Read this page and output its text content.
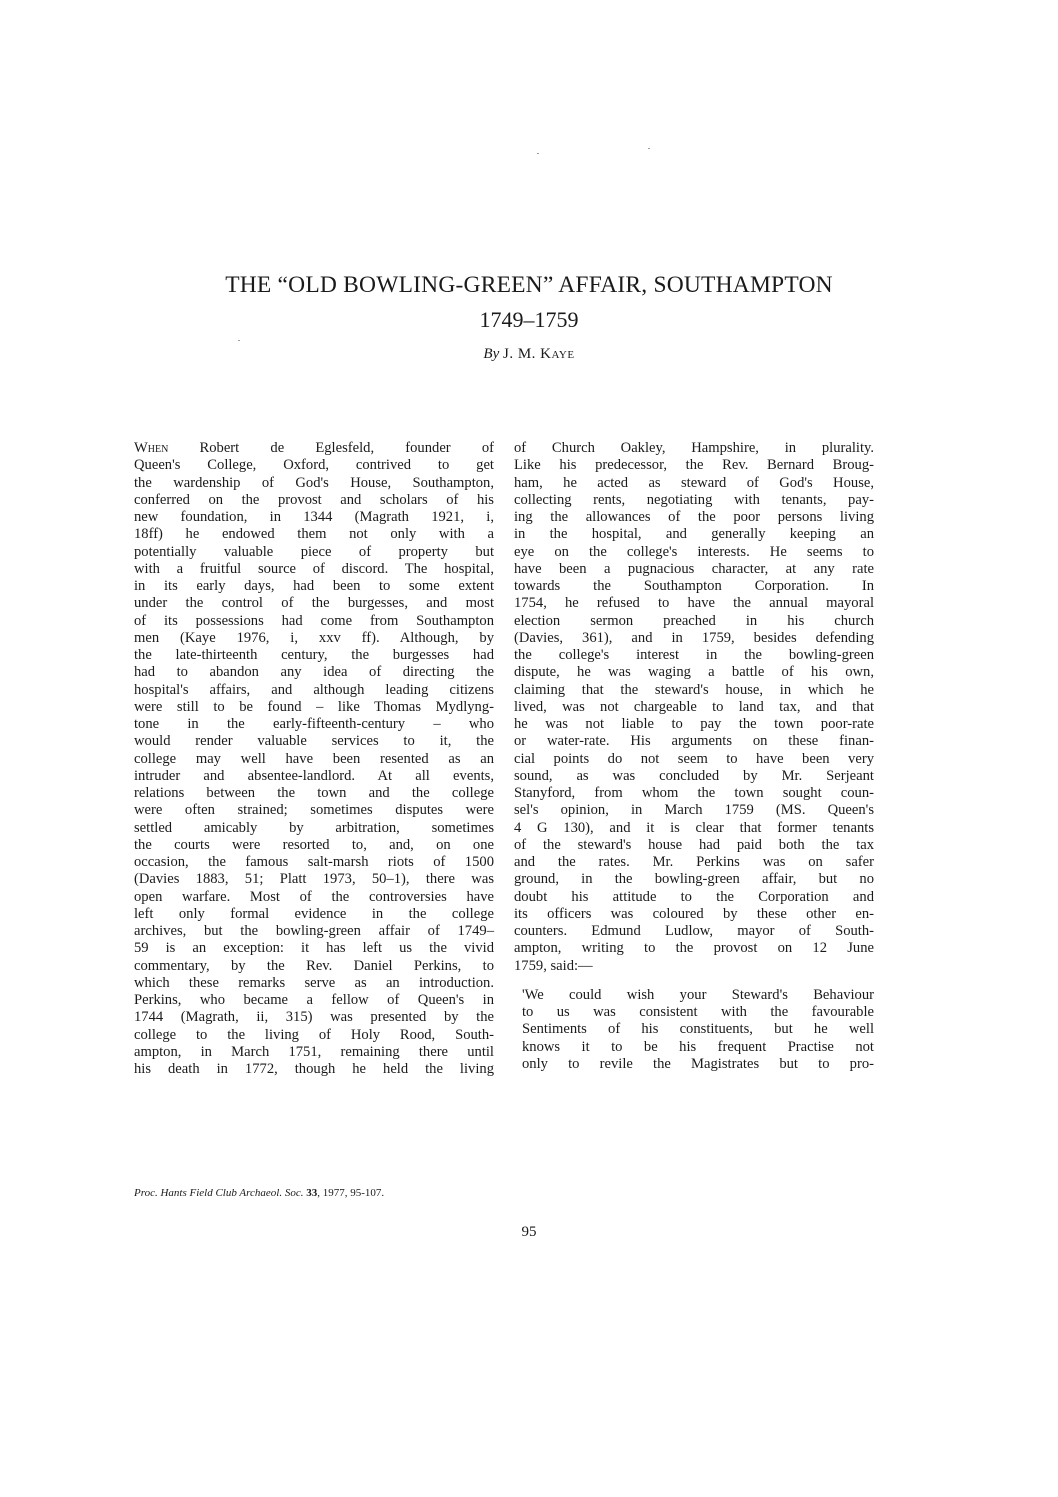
THE “OLD BOWLING-GREEN” AFFAIR, SOUTHAMPTON
1749–1759
By J. M. Kaye
When Robert de Eglesfeld, founder of
Queen's College, Oxford, contrived to get
the wardenship of God's House, Southampton,
conferred on the provost and scholars of his
new foundation, in 1344 (Magrath 1921, i,
18ff) he endowed them not only with a
potentially valuable piece of property but
with a fruitful source of discord. The hospital,
in its early days, had been to some extent
under the control of the burgesses, and most
of its possessions had come from Southampton
men (Kaye 1976, i, xxv ff). Although, by
the late-thirteenth century, the burgesses had
had to abandon any idea of directing the
hospital's affairs, and although leading citizens
were still to be found – like Thomas Mydlyng-
tone in the early-fifteenth-century – who
would render valuable services to it, the
college may well have been resented as an
intruder and absentee-landlord. At all events,
relations between the town and the college
were often strained; sometimes disputes were
settled amicably by arbitration, sometimes
the courts were resorted to, and, on one
occasion, the famous salt-marsh riots of 1500
(Davies 1883, 51; Platt 1973, 50–1), there was
open warfare. Most of the controversies have
left only formal evidence in the college
archives, but the bowling-green affair of 1749–
59 is an exception: it has left us the vivid
commentary, by the Rev. Daniel Perkins, to
which these remarks serve as an introduction.
Perkins, who became a fellow of Queen's in
1744 (Magrath, ii, 315) was presented by the
college to the living of Holy Rood, South-
ampton, in March 1751, remaining there until
his death in 1772, though he held the living
of Church Oakley, Hampshire, in plurality.
Like his predecessor, the Rev. Bernard Broug-
ham, he acted as steward of God's House,
collecting rents, negotiating with tenants, pay-
ing the allowances of the poor persons living
in the hospital, and generally keeping an
eye on the college's interests. He seems to
have been a pugnacious character, at any rate
towards the Southampton Corporation. In
1754, he refused to have the annual mayoral
election sermon preached in his church
(Davies, 361), and in 1759, besides defending
the college's interest in the bowling-green
dispute, he was waging a battle of his own,
claiming that the steward's house, in which he
lived, was not chargeable to land tax, and that
he was not liable to pay the town poor-rate
or water-rate. His arguments on these finan-
cial points do not seem to have been very
sound, as was concluded by Mr. Serjeant
Stanyford, from whom the town sought coun-
sel's opinion, in March 1759 (MS. Queen's
4 G 130), and it is clear that former tenants
of the steward's house had paid both the tax
and the rates. Mr. Perkins was on safer
ground, in the bowling-green affair, but no
doubt his attitude to the Corporation and
its officers was coloured by these other en-
counters. Edmund Ludlow, mayor of South-
ampton, writing to the provost on 12 June
1759, said:—
'We could wish your Steward's Behaviour
to us was consistent with the favourable
Sentiments of his constituents, but he well
knows it to be his frequent Practise not
only to revile the Magistrates but to pro-
Proc. Hants Field Club Archaeol. Soc. 33, 1977, 95-107.
95
